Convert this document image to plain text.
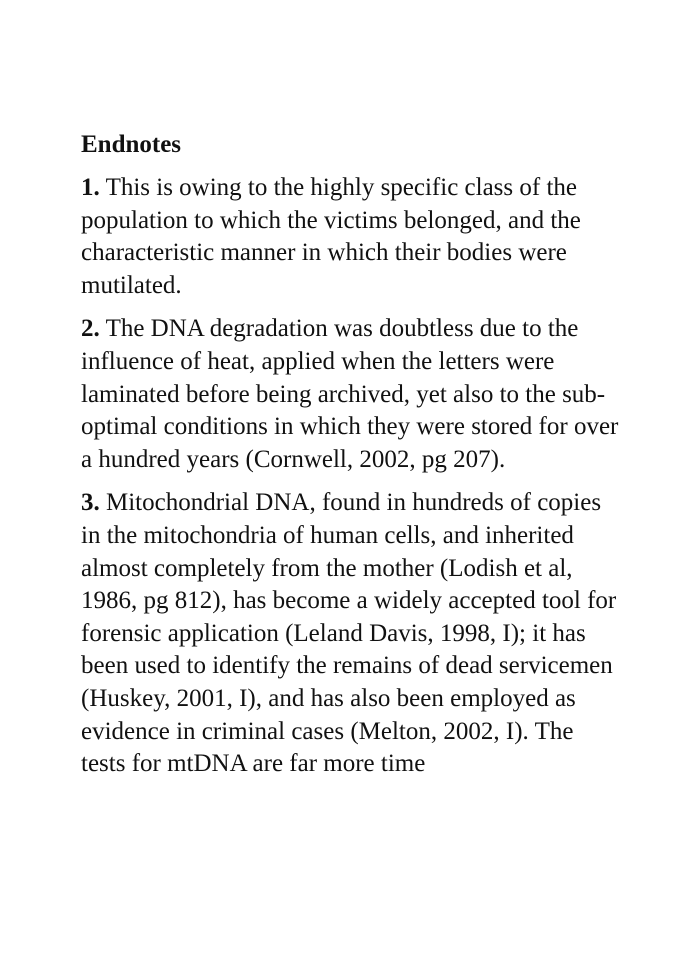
Endnotes

1. This is owing to the highly specific class of the population to which the victims belonged, and the characteristic manner in which their bodies were mutilated.

2. The DNA degradation was doubtless due to the influence of heat, applied when the letters were laminated before being archived, yet also to the sub-optimal conditions in which they were stored for over a hundred years (Cornwell, 2002, pg 207).

3. Mitochondrial DNA, found in hundreds of copies in the mitochondria of human cells, and inherited almost completely from the mother (Lodish et al, 1986, pg 812), has become a widely accepted tool for forensic application (Leland Davis, 1998, I); it has been used to identify the remains of dead servicemen (Huskey, 2001, I), and has also been employed as evidence in criminal cases (Melton, 2002, I). The tests for mtDNA are far more time
